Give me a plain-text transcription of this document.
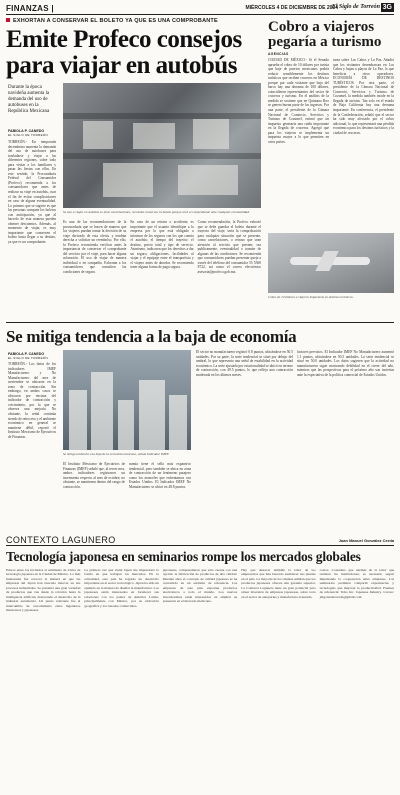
FINANZAS |	MIÉRCOLES 4 DE DICIEMBRE DE 2024
El Siglo de Torreón 3G
EXHORTAN A CONSERVAR EL BOLETO YA QUE ES UNA COMPROBANTE
Emite Profeco consejos para viajar en autobús
Durante la época navideña aumenta la demanda del uso de autobuses en la República Mexicana
FABIOLA P. CANEDO
EL SIGLO DE TORREÓN
TORREÓN.- En temporada decembrina aumenta la demanda del uso de autobuses para trasladarse y viajar a las diferentes regiones, sobre todo para visitar a los familiares y pasar las fiestas con ellos. En este sentido, la Procuraduría Federal del Consumidor (Profeco) recomienda a los consumidores que antes de realizar su viaje en autobús, cuar el fin de evitar complicaciones en caso de alguna eventualidad. Lo primero que se sugiere es que las personas compren los boletos con anticipación, ya que al hacerlo de esta manera pueden obtener descuentos. Además, al momento de viajar, es muy importante que conserven el boleto hasta llegar a su destino, ya que es un comprobante.
Se van a viajar en autobús se tiene cancelaciones, recuerda conservar tu boleto porque será el comprobante ante cualquier eventualidad.
Es una de las recomendaciones de la procuraduría que se hacen de manera que los viajeros puedan tomar la decisión de su viaje derivado de esta oferta, y tendrán derecha a solicitar un reembolso. Por ello, la Profeco recomienda verificar antes la importancia de conservar el comprobante del servicio por el viaje, para hacer alguna aclaración. El uso de viajar de manera individual o en compañía. Exhortan a los consumidores que consulten las condiciones de seguro.
En caso de un retraso o accidente, es importante que el usuario identifique a la empresa por lo que está obligado a informar de los seguros con los que cuenta el autobús; el tiempo del trayecto; el destino, precio total y tipo de servicio. Asimismo, indicaron que los derechos a dar un seguro, obligaciones, facilidades al viajar y el equipaje entre el transportista y el viajero antes de abordar. Se recomienda tener alguna forma de pago segura.
Como recomendación, la Profeco exhortó que se debe guardar el boleto durante el trayecto del viaje, sería la comprobación para cualquier situación que se presente, como cancelaciones, o retraso que sean atención al servicio que presten; sea publicamente, eventualidad o tramite de algunas de las condiciones. Se recomienda que consumidores puedan presentar queja a través del teléfono del consumidor 55 5568 8722, así como el correo electrónico asesoria@profeco.gob.mx.
Cobro a viajeros pegaría a turismo
AGENCIAS
CIUDAD DE MÉXICO.- Si el Senado aprueba el cobro de 10 dólares por turista que baje de puertos mexicanos podría reducir sensiblemente los destinos turísticos que reciben cruceros en México porque por cada visitante que baja del barco hay una derrama de 100 dólares, coincidieron representantes del sector de cruceros y turismo. En el análisis de la medida se sostiene que en Quintana Roo se genera buena parte de los ingresos. Por una parte, el presidente de la Cámara Nacional de Comercio, Servicios y Turismo de Cozumel, estimó que un impuesto generaría una caída importante en la llegada de cruceros. Agregó que para los viajeros se implementa un impuesto mayor a lo que permiten en otros países.
tarea sobre Los Cabos y La Paz. Añadió que los visitantes desembarcan en Los Cabos y bajan a playas de La Paz, lo que beneficia a otros operadores. ECONOMÍA DE DESTINOS TURÍSTICOS. Por otra parte, el presidente de la Cámara Nacional de Comercio, Servicios y Turismo de Cozumel, la medida también incide en la llegada de turistas. Tan solo en el estado de Baja California hay una derrama importante. En conferencia, el presidente de la Confederación, señaló que el sector ha sido muy afectado por el cobro adicional, lo que representará una pérdida económica para los destinos turísticos y la ciudad de cruceros.
Cobro de 10 dólares a viajeros impactaría en destinos turísticos.
Se mitiga tendencia a la baja de economía
FABIOLA P. CANEDO
EL SIGLO DE TORREÓN
TORREÓN.- Los datos de los indicadores IMEF Manufacturero y No Manufacturero del mes de noviembre se ubicaron en la zona de contracción. Sin embargo, en ambos casos se ubicaron por encima del indicador de contracción y crecimiento, por lo que se observa una mejoría. No obstante, la señal continúa siendo de retroceso y el ambiente económico en general se mantiene débil, reportó el Instituto Mexicano de Ejecutivos de Finanzas.
Se mitiga tendencia a la baja de la economía mexicana, señala Indicador IMEF.
El Instituto Mexicano de Ejecutivos de Finanzas (IMEF) señaló que, al tercer mes, ambos indicadores registraron un incremento respecto al mes de octubre; no obstante, se mantienen dentro del rango de contracción.
nomía tiene el sello más expansivo tendencial, pero también se ubica en zona de contracción de un fenómeno pasajero como los aranceles que enfrentamos con Estados Unidos. El Indicador IMEF No Manufacturero se ubicó en 48.8 puntos.
El sector no manufacturero registró 0.8 puntos, ubicándose en 50.5 unidades. Por su parte, la serie tendencial se situó por debajo del umbral, lo que representa una señal de estabilidad en la actividad económica. La serie ajustada por estacionalidad se ubicó en terreno de contracción, con 49.5 puntos, lo que refleja una contracción moderada en los últimos meses.
factores previstos. El Indicador IMEF No Manufacturero aumentó 1.1 puntos, ubicándose en 50.5 unidades. La serie tendencial se situó en 50.0 unidades. Los datos sugieren que la actividad no manufacturera sigue mostrando debilidad en el cierre del año, mientras que las perspectivas para el próximo año son inciertas ante la expectativa de la política comercial de Estados Unidos.
CONTEXTO LAGUNERO	Juan Manuel González Cerda
Tecnología japonesa en seminarios rompe los mercados globales
Estuve entre los invitados al seminario de Cirtra de tecnología japonesa en la Ciudad de México. Lo más interesante fue conocer la manera en que las empresas del Japón han buscado innovar en sus procesos industriales. Se presentó una gran variedad de productos que van desde la robótica hasta la inteligencia artificial, destacando el desarrollo de la industria automotriz. Un punto relevante fue el intercambio de conocimiento entre ingenieros mexicanos y japoneses.
La primera vez que visité Japón me impresionó la forma en que trabajan los mercados. En la actualidad, este país ha logrado un desarrollo importante en el sector tecnológico. Japón ha sido un ejemplo en la manera de diseñar la manufactura. Los japoneses están interesados en fortalecer sus relaciones con los países de América Latina, principalmente con México, por su ubicación geográfica y los tratados comerciales.
japoneses, comprendieron que sólo cuenta con una opción: la fabricación de productos de alta calidad. Durante años el concepto de calidad japonesa se ha convertido en un estándar de referencia. Las empresas de este país exportan productos electrónicos a todo el mundo. Los nuevos inversionistas están interesados en ampliar su presencia en el mercado mexicano.
Hay que destacar también la labor de los empresarios que han buscado establecer sus plantas en el país. La mayoría de los clientes señalan que los productos japoneses ofrecen una garantía superior. La Comarca Lagunera tiene un gran potencial para atraer inversión de empresas japonesas, sobre todo en el sector de autopartes y manufactura avanzada.
costos. Considero que además de la labor que realizan las instituciones, es necesario seguir impulsando la cooperación entre empresas. Los seminarios permiten compartir experiencias y tecnologías que mejoran la productividad. Fuentes de referencia: Toho Inc. Japanese Industry. Correo: jmgonzalezcerda@gmail.com
